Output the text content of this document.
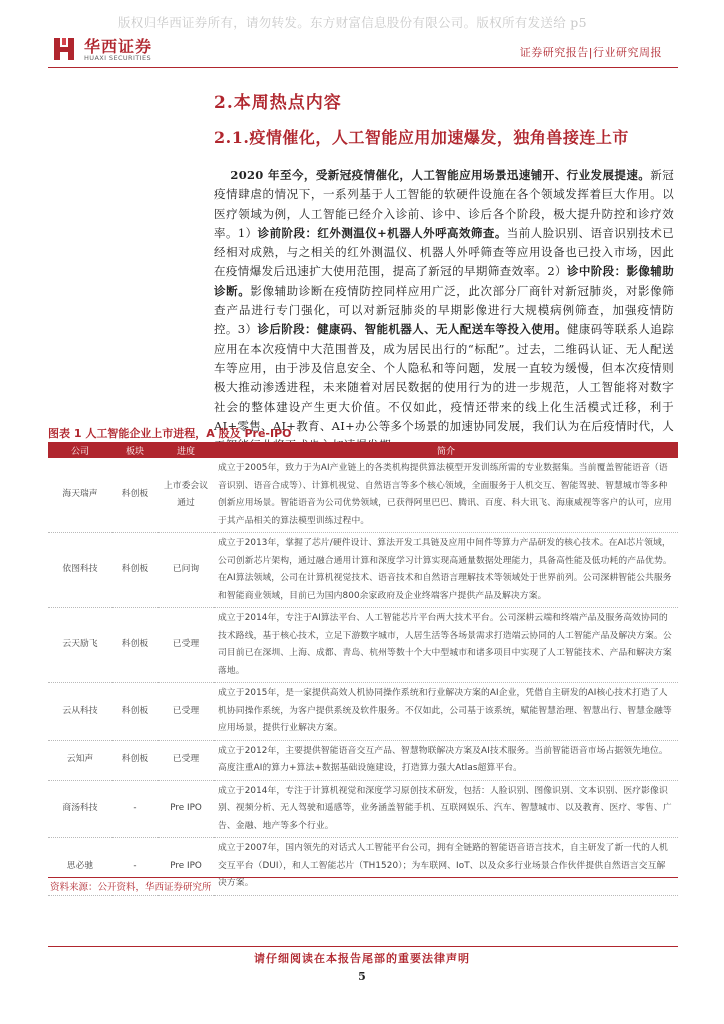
版权归华西证券所有，请勿转发。东方财富信息股份有限公司。版权所有发送给 p5
华西证券
HUAXI SECURITIES	证券研究报告|行业研究周报
2.本周热点内容
2.1.疫情催化，人工智能应用加速爆发，独角兽接连上市
2020 年至今，受新冠疫情催化，人工智能应用场景迅速铺开、行业发展提速。新冠疫情肆虐的情况下，一系列基于人工智能的软硬件设施在各个领域发挥着巨大作用。以医疗领域为例，人工智能已经介入诊前、诊中、诊后各个阶段，极大提升防控和诊疗效率。1）诊前阶段：红外测温仪+机器人外呼高效筛查。当前人脸识别、语音识别技术已经相对成熟，与之相关的红外测温仪、机器人外呼筛查等应用设备也已投入市场，因此在疫情爆发后迅速扩大使用范围，提高了新冠的早期筛查效率。2）诊中阶段：影像辅助诊断。影像辅助诊断在疫情防控同样应用广泛，此次部分厂商针对新冠肺炎，对影像筛查产品进行专门强化，可以对新冠肺炎的早期影像进行大规模病例筛查，加强疫情防控。3）诊后阶段：健康码、智能机器人、无人配送车等投入使用。健康码等联系人追踪应用在本次疫情中大范围普及，成为居民出行的“标配”。过去，二维码认证、无人配送车等应用，由于涉及信息安全、个人隐私和等问题，发展一直较为缓慢，但本次疫情则极大推动渗透进程，未来随着对居民数据的使用行为的进一步规范，人工智能将对数字社会的整体建设产生更大价值。不仅如此，疫情还带来的线上化生活模式迁移，利于 AI+零售、AI+教育、AI+办公等多个场景的加速协同发展，我们认为在后疫情时代，人
图表 1 人工智能企业上市进程，A 股及 Pre-IPO
公司	板块	进度	简介
海天瑞声	科创板	上市委会议通过	成立于2005年，致力于为AI产业链上的各类机构提供算法模型开发训练所需的专业数据集。当前覆盖智能语音（语音识别、语音合成等）、计算机视觉、自然语言等多个核心领域，全面服务于人机交互、智能驾驶、智慧城市等多种创新应用场景。智能语音为公司优势领域，已获得阿里巴巴、腾讯、百度、科大讯飞、海康威视等客户的认可，应用于其产品相关的算法模型训练过程中。
依图科技	科创板	已问询	成立于2013年，掌握了芯片/硬件设计、算法开发工具链及应用中间件等算力产品研发的核心技术。在AI芯片领域，公司创新芯片架构，通过融合通用计算和深度学习计算实现高通量数据处理能力，具备高性能及低功耗的产品优势。在AI算法领域，公司在计算机视觉技术、语音技术和自然语言理解技术等领域处于世界前列。公司深耕智能公共服务和智能商业领域，目前已为国内800余家政府及企业终端客户提供产品及解决方案。
云天励飞	科创板	已受理	成立于2014年，专注于AI算法平台、人工智能芯片平台两大技术平台。公司深耕云端和终端产品及服务高效协同的技术路线，基于核心技术，立足下游数字城市，人居生活等各场景需求打造端云协同的人工智能产品及解决方案。公司目前已在深圳、上海、成都、青岛、杭州等数十个大中型城市和诸多项目中实现了人工智能技术、产品和解决方案落地。
云从科技	科创板	已受理	成立于2015年，是一家提供高效人机协同操作系统和行业解决方案的AI企业，凭借自主研发的AI核心技术打造了人机协同操作系统，为客户提供系统及软件服务。不仅如此，公司基于该系统，赋能智慧治理、智慧出行、智慧金融等应用场景，提供行业解决方案。
云知声	科创板	已受理	成立于2012年，主要提供智能语音交互产品、智慧物联解决方案及AI技术服务。当前智能语音市场占据领先地位。高度注重AI的算力+算法+数据基础设施建设，打造算力强大Atlas超算平台。
商汤科技	-	Pre IPO	成立于2014年，专注于计算机视觉和深度学习原创技术研发，包括：人脸识别、图像识别、文本识别、医疗影像识别、视频分析、无人驾驶和遥感等，业务涵盖智能手机、互联网娱乐、汽车、智慧城市、以及教育、医疗、零售、广告、金融、地产等多个行业。
思必驰	-	Pre IPO	成立于2007年，国内领先的对话式人工智能平台公司，拥有全链路的智能语音语言技术，自主研发了新一代的人机交互平台（DUI），和人工智能芯片（TH1520）；为车联网、IoT、以及众多行业场景合作伙伴提供自然语言交互解决方案。
资料来源：公开资料，华西证券研究所
请仔细阅读在本报告尾部的重要法律声明
5
